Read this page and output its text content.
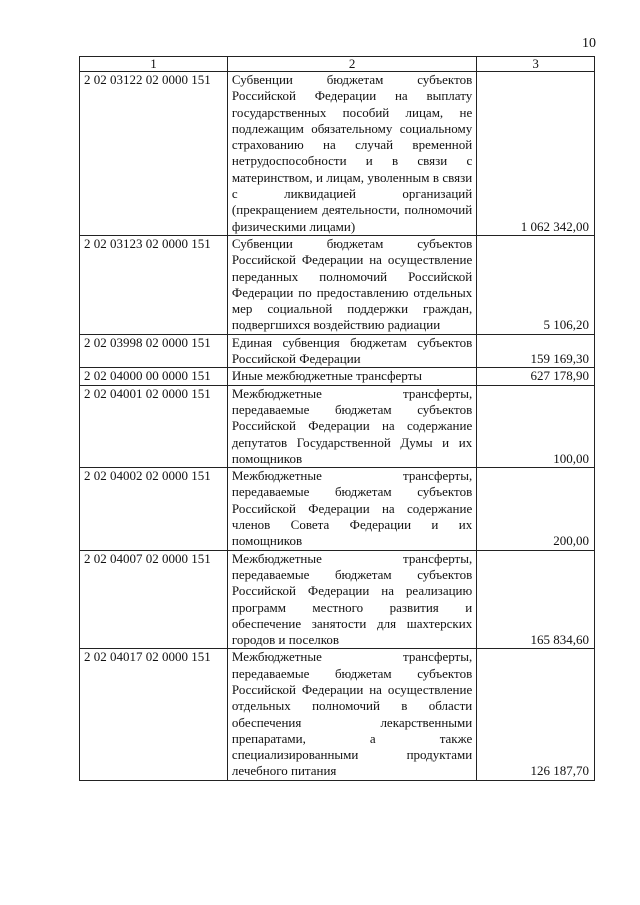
10
1	2	3
2 02 03122 02 0000 151	Субвенции бюджетам субъектов Российской Федерации на выплату государственных пособий лицам, не подлежащим обязательному социальному страхованию на случай временной нетрудоспособности и в связи с материнством, и лицам, уволенным в связи с ликвидацией организаций (прекращением деятельности, полномочий физическими лицами)	1 062 342,00
2 02 03123 02 0000 151	Субвенции бюджетам субъектов Российской Федерации на осуществление переданных полномочий Российской Федерации по предоставлению отдельных мер социальной поддержки граждан, подвергшихся воздействию радиации	5 106,20
2 02 03998 02 0000 151	Единая субвенция бюджетам субъектов Российской Федерации	159 169,30
2 02 04000 00 0000 151	Иные межбюджетные трансферты	627 178,90
2 02 04001 02 0000 151	Межбюджетные трансферты, передаваемые бюджетам субъектов Российской Федерации на содержание депутатов Государственной Думы и их помощников	100,00
2 02 04002 02 0000 151	Межбюджетные трансферты, передаваемые бюджетам субъектов Российской Федерации на содержание членов Совета Федерации и их помощников	200,00
2 02 04007 02 0000 151	Межбюджетные трансферты, передаваемые бюджетам субъектов Российской Федерации на реализацию программ местного развития и обеспечение занятости для шахтерских городов и поселков	165 834,60
2 02 04017 02 0000 151	Межбюджетные трансферты, передаваемые бюджетам субъектов Российской Федерации на осуществление отдельных полномочий в области обеспечения лекарственными препаратами, а также специализированными продуктами лечебного питания	126 187,70
